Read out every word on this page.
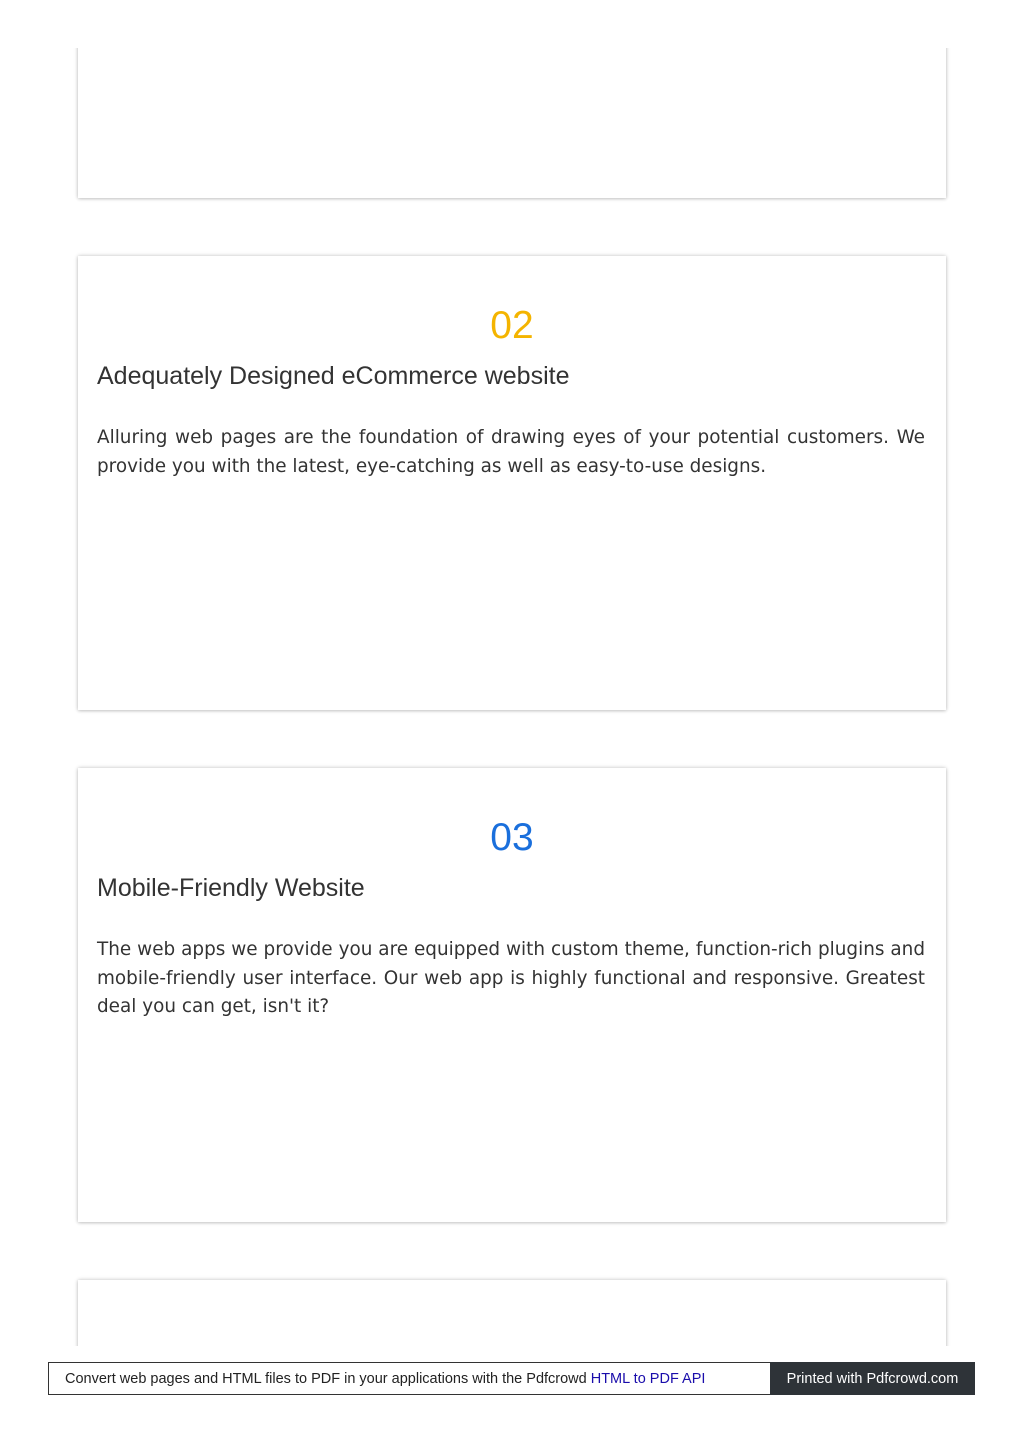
02

Adequately Designed eCommerce website

Alluring web pages are the foundation of drawing eyes of your potential customers. We provide you with the latest, eye-catching as well as easy-to-use designs.

03

Mobile-Friendly Website

The web apps we provide you are equipped with custom theme, function-rich plugins and mobile-friendly user interface. Our web app is highly functional and responsive. Greatest deal you can get, isn't it?

Convert web pages and HTML files to PDF in your applications with the Pdfcrowd HTML to PDF API	Printed with Pdfcrowd.com
